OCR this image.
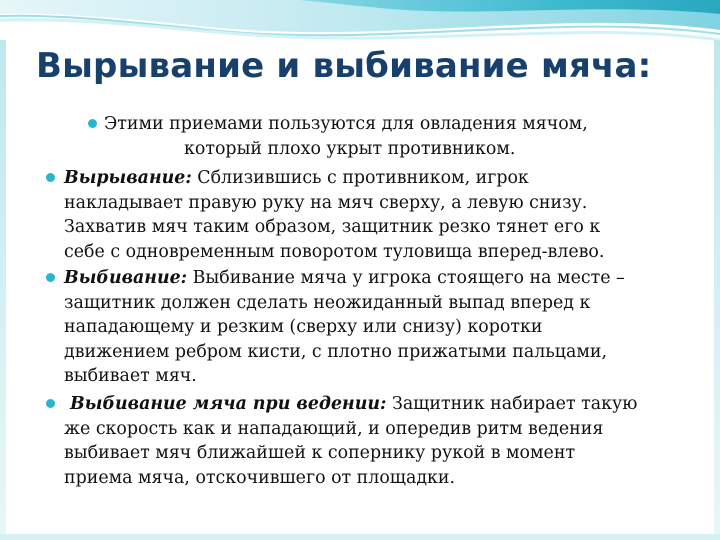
Вырывание и выбивание мяча:
Этими приемами пользуются для овладения мячом,
который плохо укрыт противником.
Вырывание: Сблизившись с противником, игрок
накладывает правую руку на мяч сверху, а левую снизу.
Захватив мяч таким образом, защитник резко тянет его к
себе с одновременным поворотом туловища вперед-влево.
Выбивание: Выбивание мяча у игрока стоящего на месте –
защитник должен сделать неожиданный выпад вперед к
нападающему и резким (сверху или снизу) коротки
движением ребром кисти, с плотно прижатыми пальцами,
выбивает мяч.
Выбивание мяча при ведении: Защитник набирает такую
же скорость как и нападающий, и опередив ритм ведения
выбивает мяч ближайшей к сопернику рукой в момент
приема мяча, отскочившего от площадки.
